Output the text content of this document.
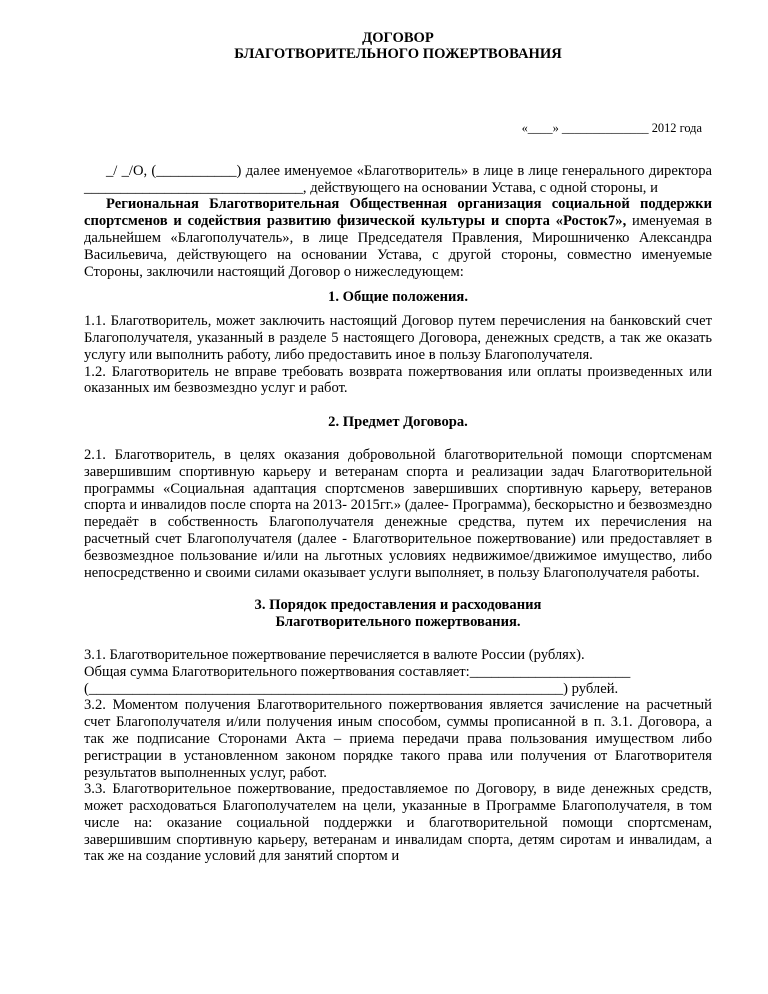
ДОГОВОР
БЛАГОТВОРИТЕЛЬНОГО ПОЖЕРТВОВАНИЯ
«____» ______________ 2012 года
_/ _/О, (___________) далее именуемое «Благотворитель» в лице в лице генерального директора ______________________________, действующего на основании Устава, с одной стороны, и
Региональная Благотворительная Общественная организация социальной поддержки спортсменов и содействия развитию физической культуры и спорта «Росток7», именуемая в дальнейшем «Благополучатель», в лице Председателя Правления, Мирошниченко Александра Васильевича, действующего на основании Устава, с другой стороны, совместно именуемые Стороны, заключили настоящий Договор о нижеследующем:
1. Общие положения.
1.1. Благотворитель, может заключить настоящий Договор путем перечисления на банковский счет Благополучателя, указанный в разделе 5 настоящего Договора, денежных средств, а так же оказать услугу или выполнить работу, либо предоставить иное в пользу Благополучателя.
1.2. Благотворитель не вправе требовать возврата пожертвования или оплаты произведенных или оказанных им безвозмездно услуг и работ.
2. Предмет Договора.
2.1. Благотворитель, в целях оказания добровольной благотворительной помощи спортсменам завершившим спортивную карьеру и ветеранам спорта и реализации задач Благотворительной программы «Социальная адаптация спортсменов завершивших спортивную карьеру, ветеранов спорта и инвалидов после спорта на 2013- 2015гг.» (далее- Программа), бескорыстно и безвозмездно передаёт в собственность Благополучателя денежные средства, путем их перечисления на расчетный счет Благополучателя (далее - Благотворительное пожертвование) или предоставляет в безвозмездное пользование и/или на льготных условиях недвижимое/движимое имущество, либо непосредственно и своими силами оказывает услуги выполняет, в пользу Благополучателя работы.
3. Порядок предоставления и расходования
Благотворительного пожертвования.
3.1. Благотворительное пожертвование перечисляется в валюте России (рублях).
Общая сумма Благотворительного пожертвования составляет:______________________
(_________________________________________________________________) рублей.
3.2. Моментом получения Благотворительного пожертвования является зачисление на расчетный счет Благополучателя и/или получения иным способом, суммы прописанной в п. 3.1. Договора, а так же подписание Сторонами Акта – приема передачи права пользования имуществом либо регистрации в установленном законом порядке такого права или получения от Благотворителя результатов выполненных услуг, работ.
3.3. Благотворительное пожертвование, предоставляемое по Договору, в виде денежных средств, может расходоваться Благополучателем на цели, указанные в Программе Благополучателя, в том числе на: оказание социальной поддержки и благотворительной помощи спортсменам, завершившим спортивную карьеру, ветеранам и инвалидам спорта, детям сиротам и инвалидам, а так же на создание условий для занятий спортом и
